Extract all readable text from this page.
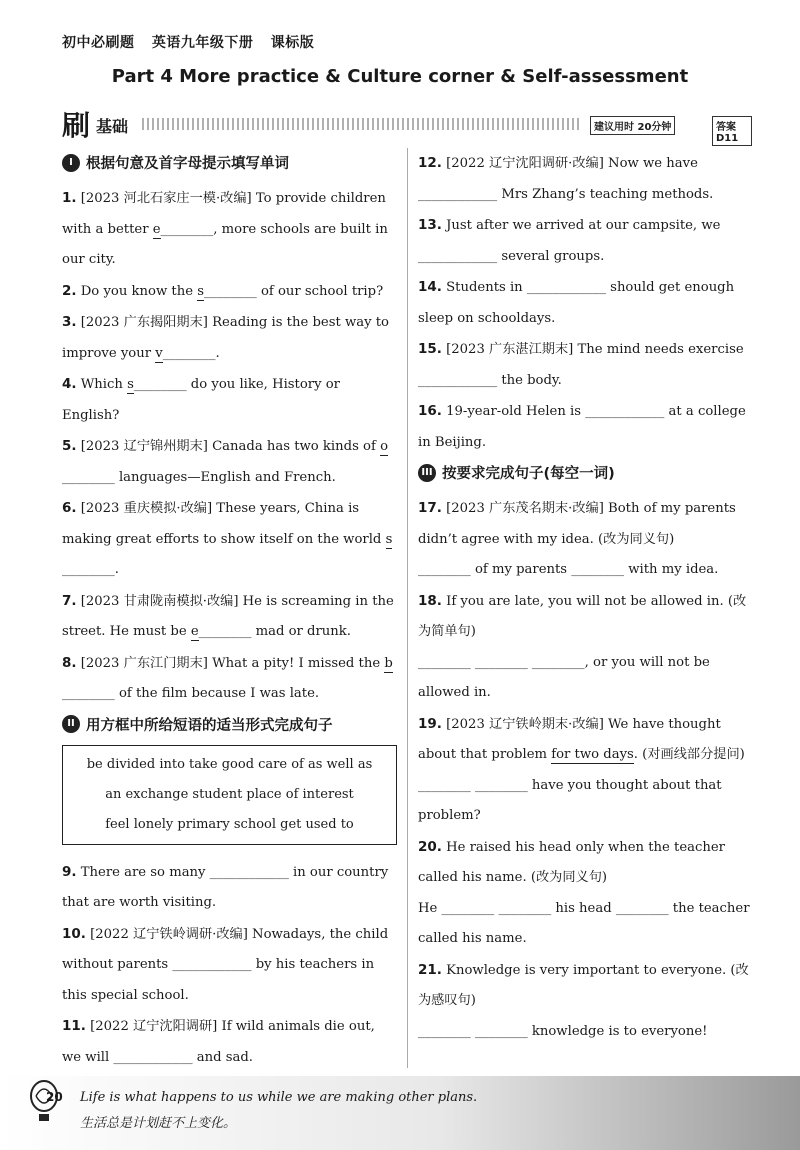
初中必刷题 英语九年级下册 课标版
Part 4 More practice & Culture corner & Self-assessment
刷 基础	建议用时 20分钟	答案 D11
I 根据句意及首字母提示填写单词

1. [2023 河北石家庄一模·改编] To provide children with a better e________, more schools are built in our city.

2. Do you know the s________ of our school trip?

3. [2023 广东揭阳期末] Reading is the best way to improve your v________.

4. Which s________ do you like, History or English?

5. [2023 辽宁锦州期末] Canada has two kinds of o________ languages—English and French.

6. [2023 重庆模拟·改编] These years, China is making great efforts to show itself on the world s________.

7. [2023 甘肃陇南模拟·改编] He is screaming in the street. He must be e________ mad or drunk.

8. [2023 广东江门期末] What a pity! I missed the b________ of the film because I was late.

II 用方框中所给短语的适当形式完成句子
be divided into take good care of as well as
an exchange student place of interest
feel lonely primary school get used to

9. There are so many ____________ in our country that are worth visiting.

10. [2022 辽宁铁岭调研·改编] Nowadays, the child without parents ____________ by his teachers in this special school.

11. [2022 辽宁沈阳调研] If wild animals die out, we will ____________ and sad.

12. [2022 辽宁沈阳调研·改编] Now we have ____________ Mrs Zhang’s teaching methods.

13. Just after we arrived at our campsite, we ____________ several groups.

14. Students in ____________ should get enough sleep on schooldays.

15. [2023 广东湛江期末] The mind needs exercise ____________ the body.

16. 19-year-old Helen is ____________ at a college in Beijing.

III 按要求完成句子(每空一词)

17. [2023 广东茂名期末·改编] Both of my parents didn’t agree with my idea. (改为同义句)
________ of my parents ________ with my idea.

18. If you are late, you will not be allowed in. (改为简单句)
________ ________ ________, or you will not be allowed in.

19. [2023 辽宁铁岭期末·改编] We have thought about that problem for two days. (对画线部分提问)
________ ________ have you thought about that problem?

20. He raised his head only when the teacher called his name. (改为同义句)
He ________ ________ his head ________ the teacher called his name.

21. Knowledge is very important to everyone. (改为感叹句)
________ ________ knowledge is to everyone!

20 Life is what happens to us while we are making other plans.
生活总是计划赶不上变化。
